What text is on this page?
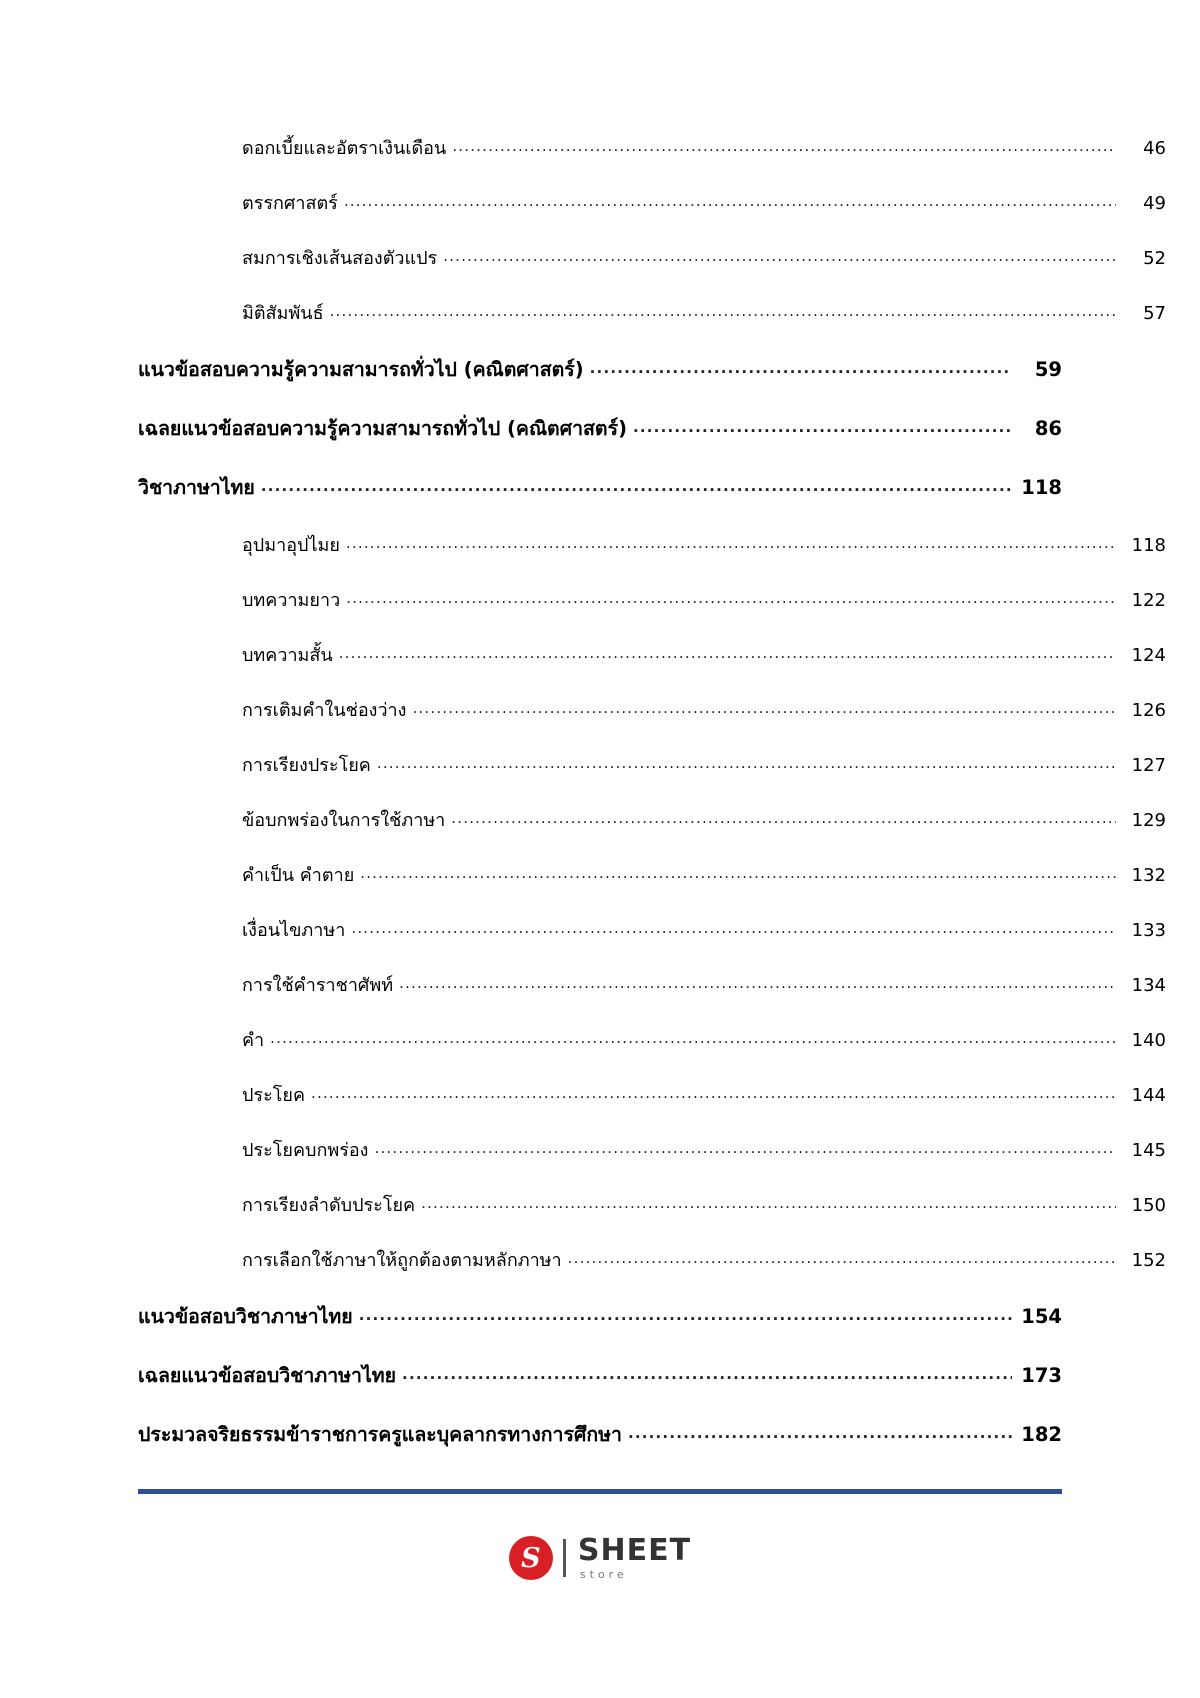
ดอกเบี้ยและอัตราเงินเดือน .....	46
ตรรกศาสตร์ .....	49
สมการเชิงเส้นสองตัวแปร .....	52
มิติสัมพันธ์ .....	57
แนวข้อสอบความรู้ความสามารถทั่วไป (คณิตศาสตร์) .....	59
เฉลยแนวข้อสอบความรู้ความสามารถทั่วไป (คณิตศาสตร์) .....	86
วิชาภาษาไทย .....	118
อุปมาอุปไมย .....	118
บทความยาว .....	122
บทความสั้น .....	124
การเติมคำในช่องว่าง .....	126
การเรียงประโยค .....	127
ข้อบกพร่องในการใช้ภาษา .....	129
คำเป็น คำตาย .....	132
เงื่อนไขภาษา .....	133
การใช้คำราชาศัพท์ .....	134
คำ .....	140
ประโยค .....	144
ประโยคบกพร่อง .....	145
การเรียงลำดับประโยค .....	150
การเลือกใช้ภาษาให้ถูกต้องตามหลักภาษา .....	152
แนวข้อสอบวิชาภาษาไทย .....	154
เฉลยแนวข้อสอบวิชาภาษาไทย .....	173
ประมวลจริยธรรมข้าราชการครูและบุคลากรทางการศึกษา .....	182
S	SHEET
store
